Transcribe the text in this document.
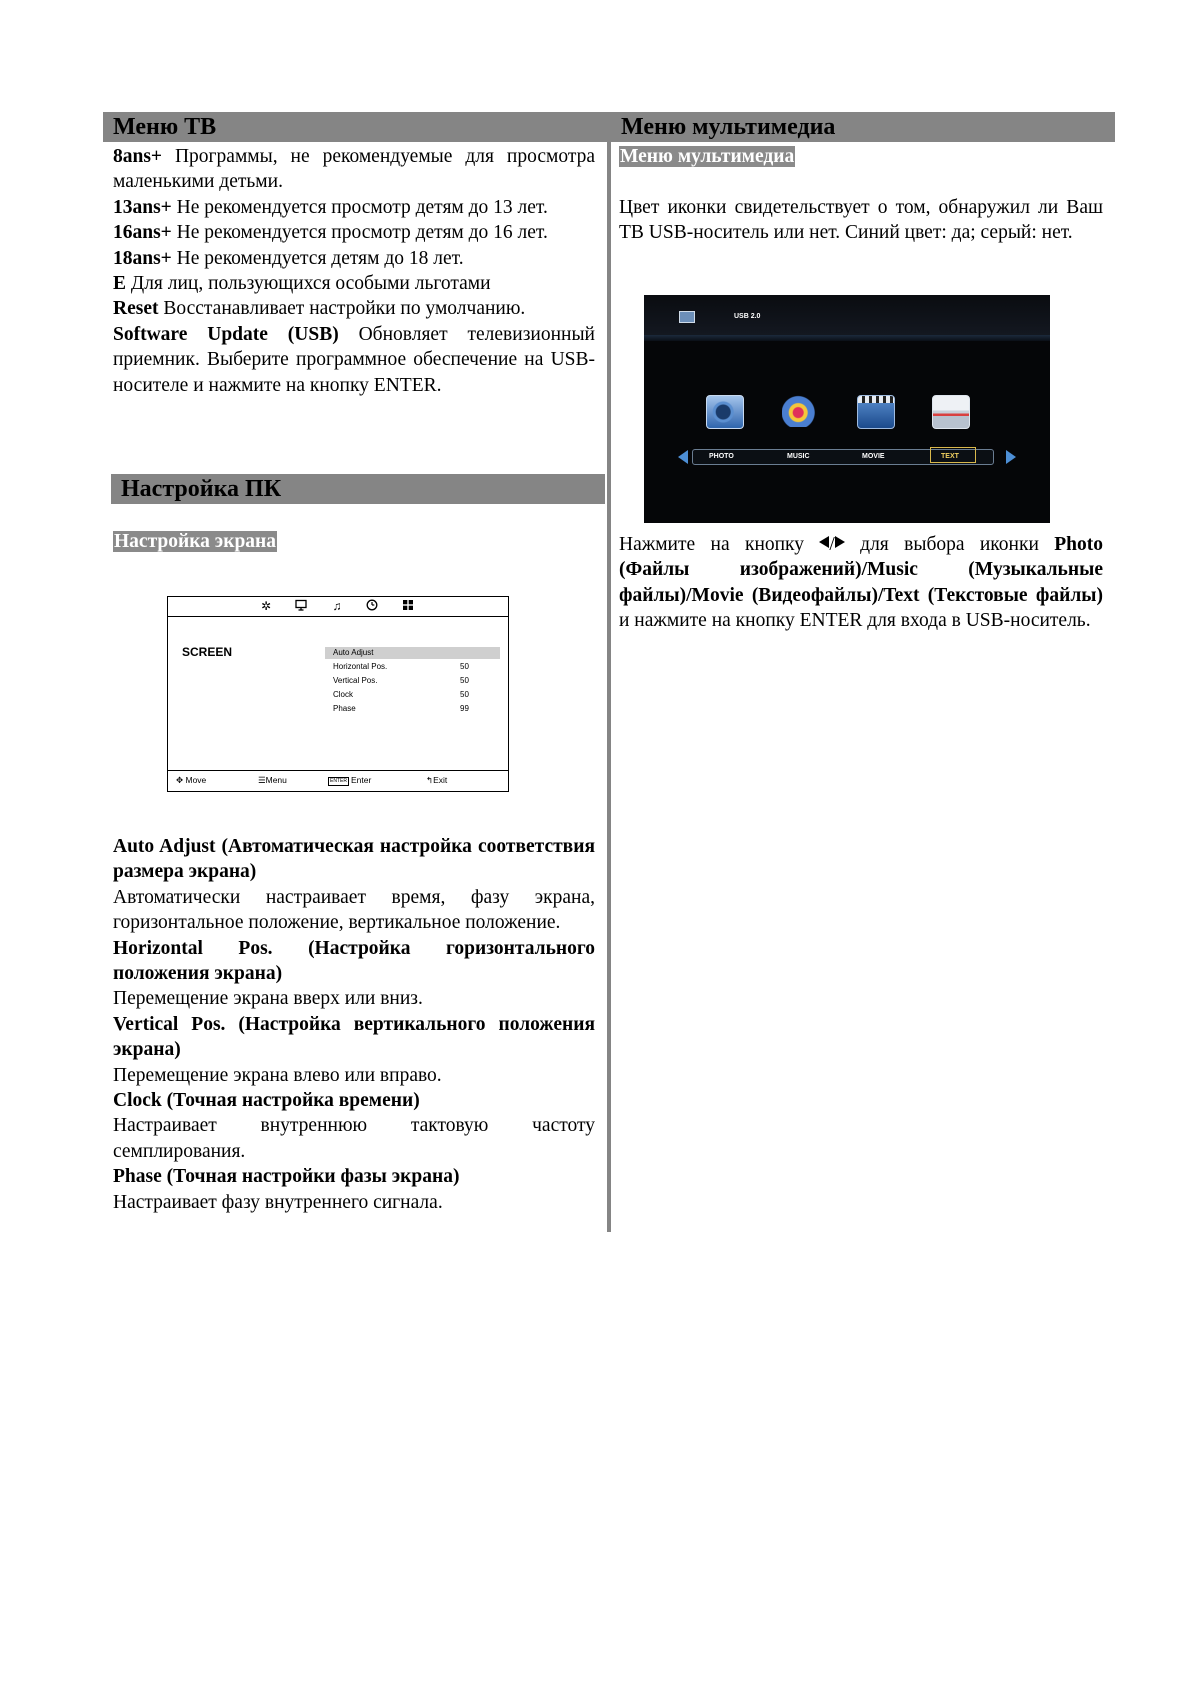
Меню ТВ

8ans+ Программы, не рекомендуемые для просмотра маленькими детьми.

13ans+ Не рекомендуется просмотр детям до 13 лет.

16ans+ Не рекомендуется просмотр детям до 16 лет.

18ans+ Не рекомендуется детям до 18 лет.

E Для лиц, пользующихся особыми льготами

Reset Восстанавливает настройки по умолчанию.

Software Update (USB) Обновляет телевизионный приемник. Выберите программное обеспечение на USB-носителе и нажмите на кнопку ENTER.

Настройка ПК
Настройка экрана
✲	♫
SCREEN	Auto Adjust
Horizontal Pos.	50
Vertical Pos.	50
Clock	50
Phase	99
✥ Move	☰Menu	ENTER Enter	↰Exit

Auto Adjust (Автоматическая настройка соответствия размера экрана)

Автоматически настраивает время, фазу экрана, горизонтальное положение, вертикальное положение.

Horizontal Pos. (Настройка горизонтального положения экрана)

Перемещение экрана вверх или вниз.

Vertical Pos. (Настройка вертикального положения экрана)

Перемещение экрана влево или вправо.

Clock (Точная настройка времени)

Настраивает внутреннюю тактовую частоту семплирования.

Phase (Точная настройки фазы экрана)

Настраивает фазу внутреннего сигнала.

Меню мультимедиа
Меню мультимедиа

Цвет иконки свидетельствует о том, обнаружил ли Ваш ТВ USB-носитель или нет. Синий цвет: да; серый: нет.

USB 2.0
PHOTO	MUSIC	MOVIE	TEXT

Нажмите на кнопку / для выбора иконки Photo (Файлы изображений)/Music (Музыкальные файлы)/Movie (Видеофайлы)/Text (Текстовые файлы) и нажмите на кнопку ENTER для входа в USB-носитель.
